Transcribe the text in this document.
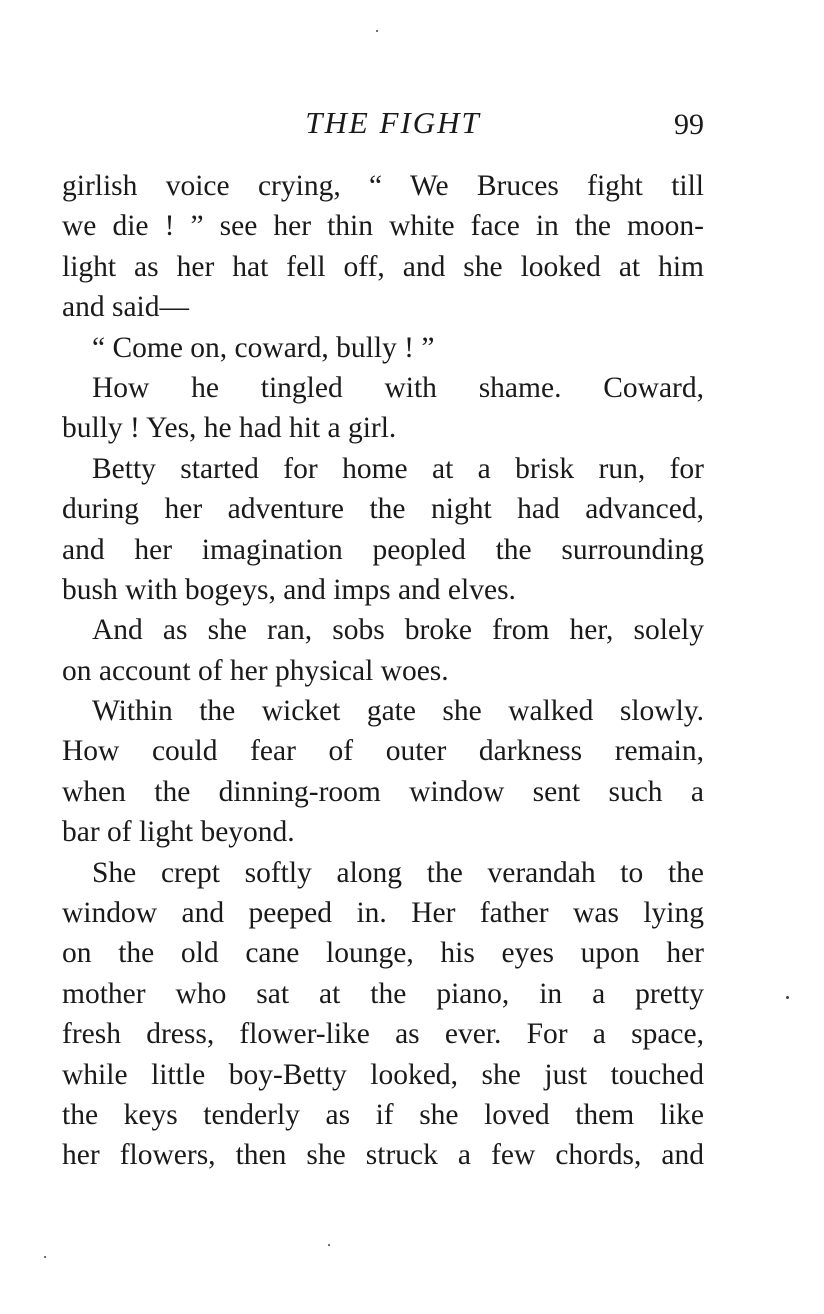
THE FIGHT	99
girlish voice crying, “ We Bruces fight till
we die ! ” see her thin white face in the moon-
light as her hat fell off, and she looked at him
and said—
“ Come on, coward, bully ! ”
How he tingled with shame. Coward,
bully ! Yes, he had hit a girl.
Betty started for home at a brisk run, for
during her adventure the night had advanced,
and her imagination peopled the surrounding
bush with bogeys, and imps and elves.
And as she ran, sobs broke from her, solely
on account of her physical woes.
Within the wicket gate she walked slowly.
How could fear of outer darkness remain,
when the dinning-room window sent such a
bar of light beyond.
She crept softly along the verandah to the
window and peeped in. Her father was lying
on the old cane lounge, his eyes upon her
mother who sat at the piano, in a pretty
fresh dress, flower-like as ever. For a space,
while little boy-Betty looked, she just touched
the keys tenderly as if she loved them like
her flowers, then she struck a few chords, and
